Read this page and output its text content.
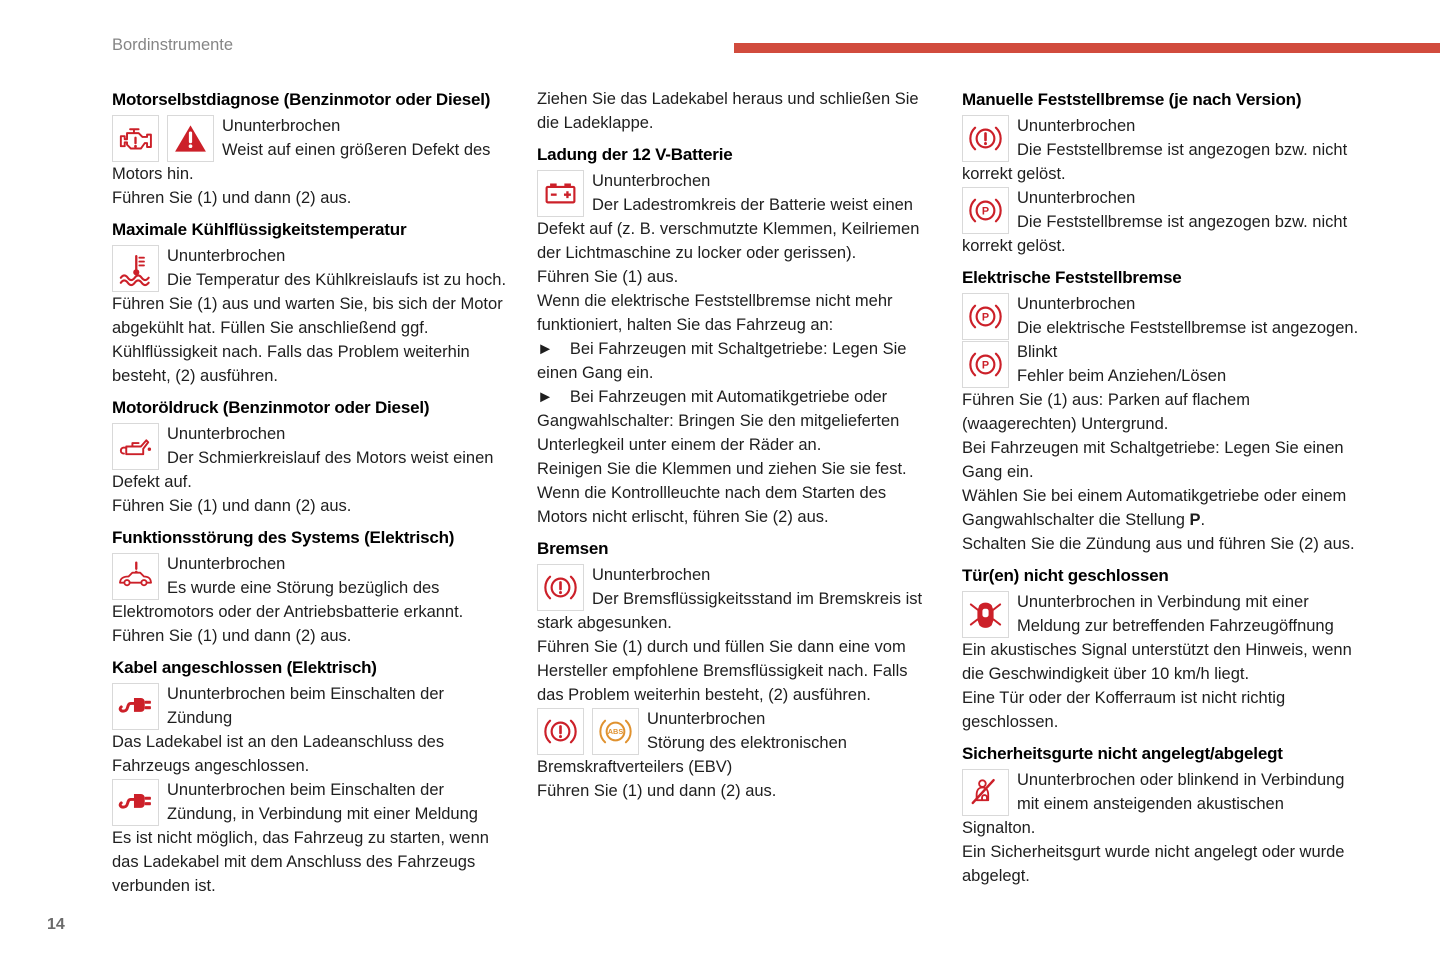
Bordinstrumente
Motorselbstdiagnose (Benzinmotor oder Diesel)

Ununterbrochen
Weist auf einen größeren Defekt des Motors hin.

Führen Sie (1) und dann (2) aus.

Maximale Kühlflüssigkeitstemperatur

Ununterbrochen
Die Temperatur des Kühlkreislaufs ist zu hoch.

Führen Sie (1) aus und warten Sie, bis sich der Motor abgekühlt hat. Füllen Sie anschließend ggf. Kühlflüssigkeit nach. Falls das Problem weiterhin besteht, (2) ausführen.

Motoröldruck (Benzinmotor oder Diesel)

Ununterbrochen
Der Schmierkreislauf des Motors weist einen Defekt auf.

Führen Sie (1) und dann (2) aus.

Funktionsstörung des Systems (Elektrisch)

Ununterbrochen
Es wurde eine Störung bezüglich des Elektromotors oder der Antriebsbatterie erkannt.

Führen Sie (1) und dann (2) aus.

Kabel angeschlossen (Elektrisch)

Ununterbrochen beim Einschalten der Zündung

Das Ladekabel ist an den Ladeanschluss des Fahrzeugs angeschlossen.

Ununterbrochen beim Einschalten der Zündung, in Verbindung mit einer Meldung

Es ist nicht möglich, das Fahrzeug zu starten, wenn das Ladekabel mit dem Anschluss des Fahrzeugs verbunden ist.

Ziehen Sie das Ladekabel heraus und schließen Sie die Ladeklappe.

Ladung der 12 V-Batterie

Ununterbrochen
Der Ladestromkreis der Batterie weist einen Defekt auf (z. B. verschmutzte Klemmen, Keilriemen der Lichtmaschine zu locker oder gerissen).

Führen Sie (1) aus.

Wenn die elektrische Feststellbremse nicht mehr funktioniert, halten Sie das Fahrzeug an:

► Bei Fahrzeugen mit Schaltgetriebe: Legen Sie einen Gang ein.

► Bei Fahrzeugen mit Automatikgetriebe oder Gangwahlschalter: Bringen Sie den mitgelieferten Unterlegkeil unter einem der Räder an.

Reinigen Sie die Klemmen und ziehen Sie sie fest.

Wenn die Kontrollleuchte nach dem Starten des Motors nicht erlischt, führen Sie (2) aus.

Bremsen

Ununterbrochen
Der Bremsflüssigkeitsstand im Bremskreis ist stark abgesunken.

Führen Sie (1) durch und füllen Sie dann eine vom Hersteller empfohlene Bremsflüssigkeit nach. Falls das Problem weiterhin besteht, (2) ausführen.

ABS
Ununterbrochen
Störung des elektronischen Bremskraftverteilers (EBV)

Führen Sie (1) und dann (2) aus.

Manuelle Feststellbremse (je nach Version)

Ununterbrochen
Die Feststellbremse ist angezogen bzw. nicht korrekt gelöst.

P
Ununterbrochen
Die Feststellbremse ist angezogen bzw. nicht korrekt gelöst.

Elektrische Feststellbremse

P
Ununterbrochen
Die elektrische Feststellbremse ist angezogen.

P
Blinkt
Fehler beim Anziehen/Lösen

Führen Sie (1) aus: Parken auf flachem (waagerechten) Untergrund.

Bei Fahrzeugen mit Schaltgetriebe: Legen Sie einen Gang ein.

Wählen Sie bei einem Automatikgetriebe oder einem Gangwahlschalter die Stellung P.

Schalten Sie die Zündung aus und führen Sie (2) aus.

Tür(en) nicht geschlossen

Ununterbrochen in Verbindung mit einer Meldung zur betreffenden Fahrzeugöffnung

Ein akustisches Signal unterstützt den Hinweis, wenn die Geschwindigkeit über 10 km/h liegt.

Eine Tür oder der Kofferraum ist nicht richtig geschlossen.

Sicherheitsgurte nicht angelegt/abgelegt

Ununterbrochen oder blinkend in Verbindung mit einem ansteigenden akustischen Signalton.

Ein Sicherheitsgurt wurde nicht angelegt oder wurde abgelegt.

14
